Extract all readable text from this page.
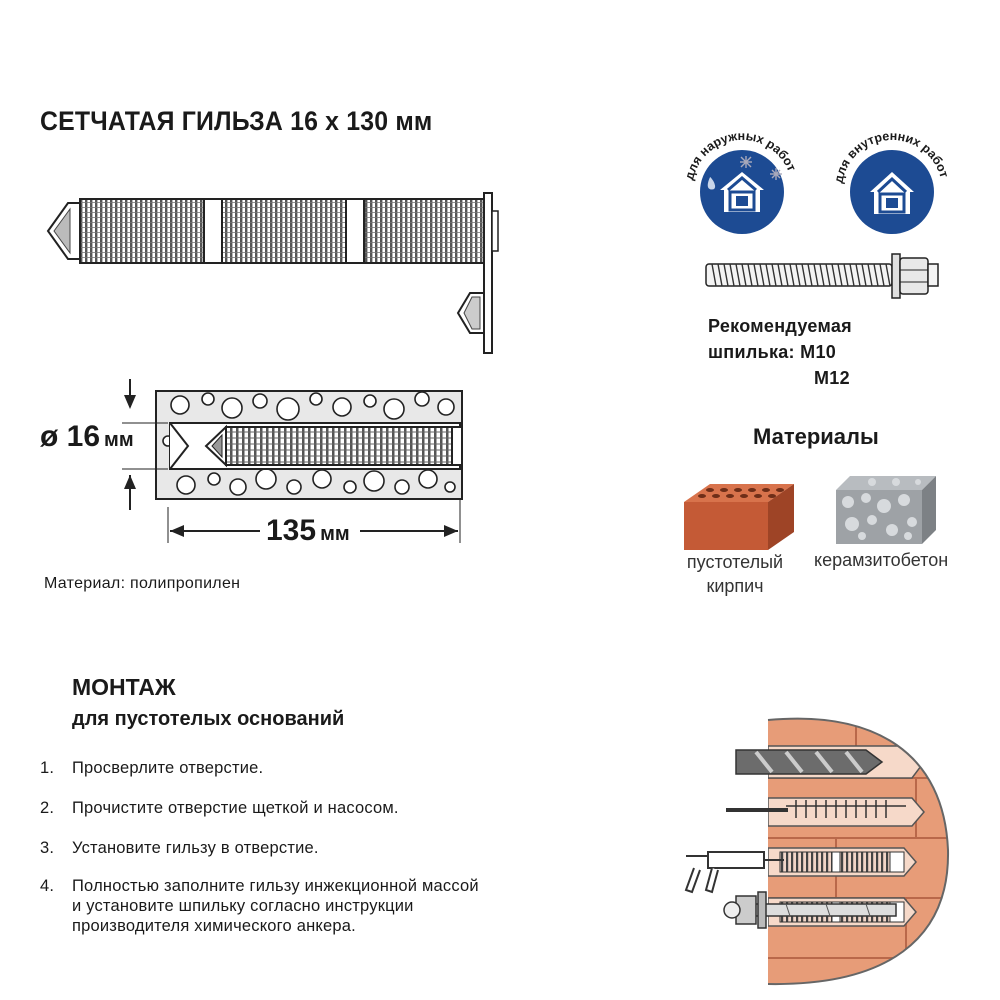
СЕТЧАТАЯ ГИЛЬЗА 16 x 130 мм
ø 16 мм
135 мм
Материал: полипропилен
для наружных работ
для внутренних работ
Рекомендуемая
шпилька: M10
M12
Материалы
пустотелый кирпич
керамзитобетон
МОНТАЖ
для пустотелых оснований
1.	Просверлите отверстие.
2.	Прочистите отверстие щеткой и насосом.
3.	Установите гильзу в отверстие.
4.	Полностью заполните гильзу инжекционной массой и установите шпильку согласно инструкции производителя химического анкера.
